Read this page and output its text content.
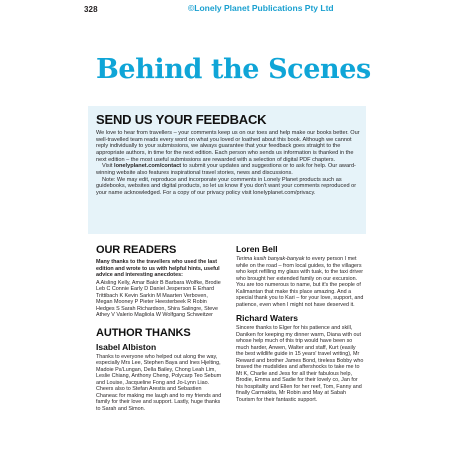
328	©Lonely Planet Publications Pty Ltd
Behind the Scenes
SEND US YOUR FEEDBACK

We love to hear from travellers – your comments keep us on our toes and help make our books better. Our well-travelled team reads every word on what you loved or loathed about this book. Although we cannot reply individually to your submissions, we always guarantee that your feedback goes straight to the appropriate authors, in time for the next edition. Each person who sends us information is thanked in the next edition – the most useful submissions are rewarded with a selection of digital PDF chapters.

Visit lonelyplanet.com/contact to submit your updates and suggestions or to ask for help. Our award-winning website also features inspirational travel stories, news and discussions.

Note: We may edit, reproduce and incorporate your comments in Lonely Planet products such as guidebooks, websites and digital products, so let us know if you don't want your comments reproduced or your name acknowledged. For a copy of our privacy policy visit lonelyplanet.com/privacy.

OUR READERS

Many thanks to the travellers who used the last edition and wrote to us with helpful hints, useful advice and interesting anecdotes:

A Aisling Kelly, Amar Bakir B Barbara Wolfke, Brodie Leb C Connie Early D Daniel Jesperson E Erhard Trittibach K Kevin Sarkin M Maarten Verboven, Megan Mooney P Pieter Heesterbeek R Robin Hedges S Sarah Richardson, Shira Salingre, Steve Athey V Valerio Magliola W Wolfgang Schweitzer

AUTHOR THANKS
Isabel Albiston

Thanks to everyone who helped out along the way, especially Mrs Lee, Stephen Baya and Ines Hjelting, Madoie Pa'Lungan, Della Bailey, Chong Leah Lim, Leslie Chiang, Anthony Cheng, Polycarp Teo Sebum and Louise, Jacqueline Fong and Jo-Lynn Liao. Cheers also to Stefan Arestis and Sebastien Chaneac for making me laugh and to my friends and family for their love and support. Lastly, huge thanks to Sarah and Simon.

Loren Bell

Terima kasih banyak-banyak to every person I met while on the road – from local guides, to the villagers who kept refilling my glass with tuak, to the taxi driver who brought her extended family on our excursion. You are too numerous to name, but it's the people of Kalimantan that make this place amazing. And a special thank you to Kari – for your love, support, and patience, even when I might not have deserved it.

Richard Waters

Sincere thanks to Elger for his patience and skill, Daniken for keeping my dinner warm, Diana with out whose help much of this trip would have been so much harder, Anwen, Walter and staff, Kurt (easily the best wildlife guide in 15 years' travel writing), Mr Reward and brother James Bond, tireless Bobby who braved the mudslides and aftershocks to take me to Mt K, Charlie and Jess for all their fabulous help, Brodie, Emma and Sadie for their lovely co, Jan for his hospitality and Ellen for her reef, Tom, Fanny and finally Carmakita, Mr Robin and May at Sabah Tourism for their fantastic support.
